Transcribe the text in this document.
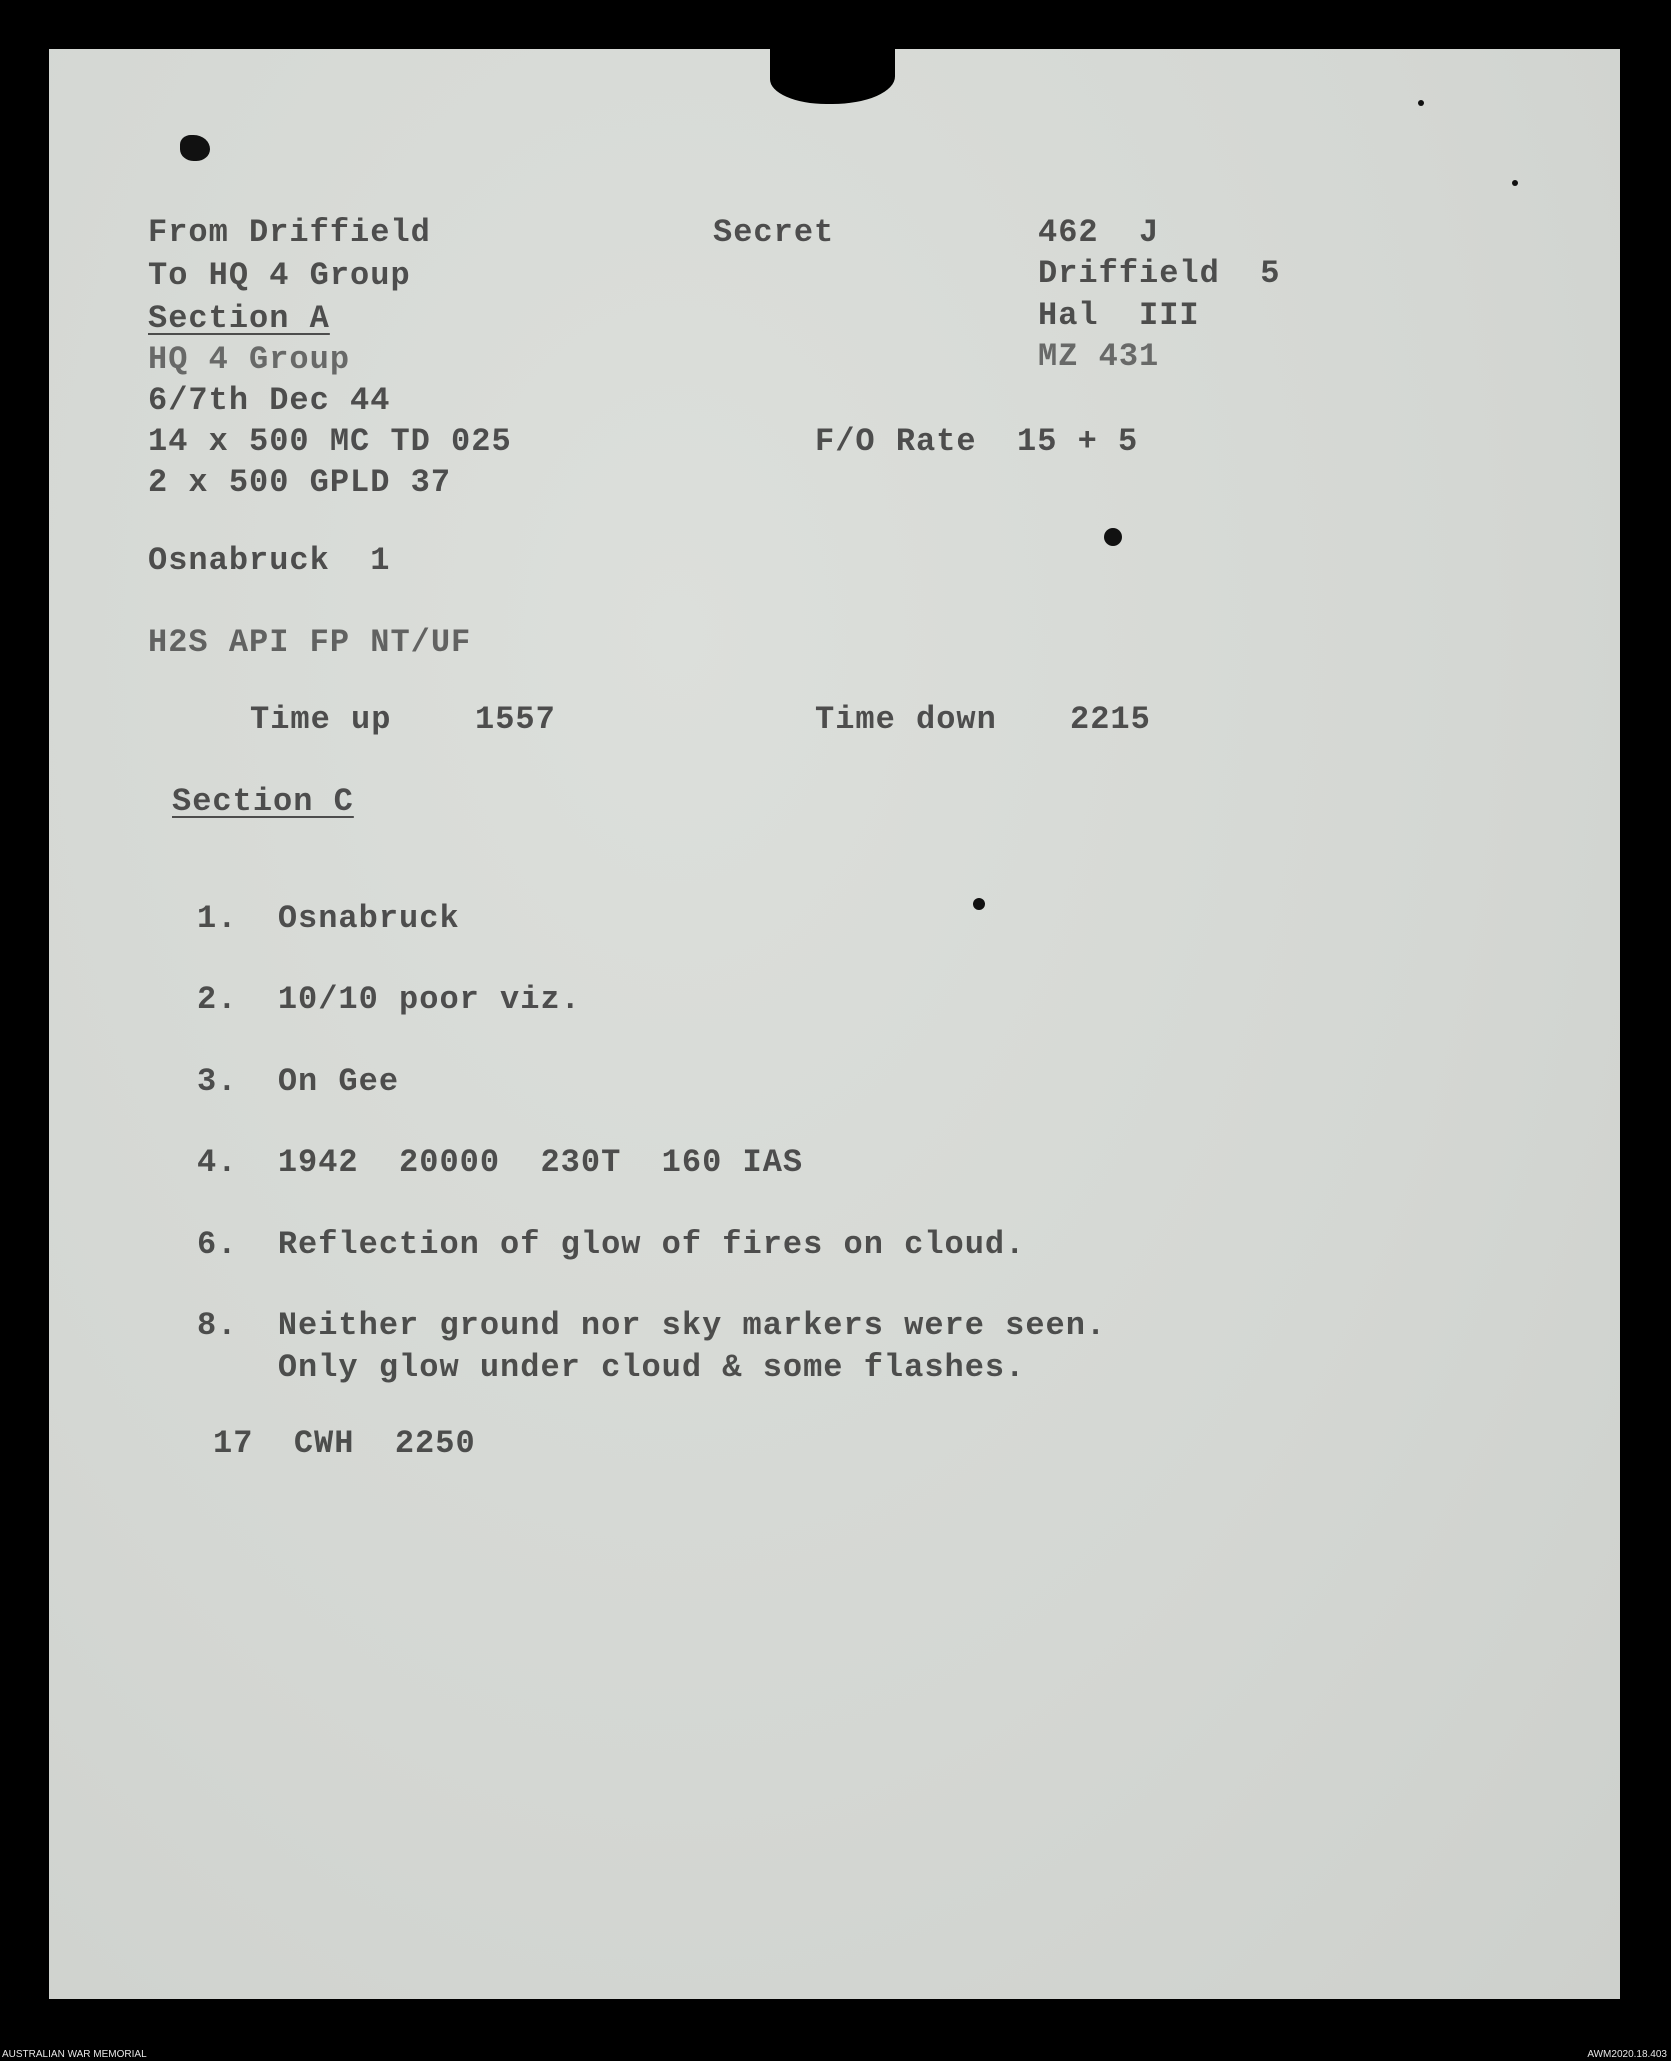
From Driffield
To HQ 4 Group
Section A
HQ 4 Group
6/7th Dec 44
14 x 500 MC TD 025
2 x 500 GPLD 37
Secret
F/O Rate  15 + 5
462  J
Driffield  5
Hal  III
MZ 431
Osnabruck  1
H2S API FP NT/UF
Time up	1557	Time down 2215
Section C
1.  Osnabruck
2.  10/10 poor viz.
3.  On Gee
4.  1942  20000  230T  160 IAS
6.  Reflection of glow of fires on cloud.
8.  Neither ground nor sky markers were seen.
Only glow under cloud & some flashes.
17  CWH  2250
AUSTRALIAN WAR MEMORIAL	AWM2020.18.403
